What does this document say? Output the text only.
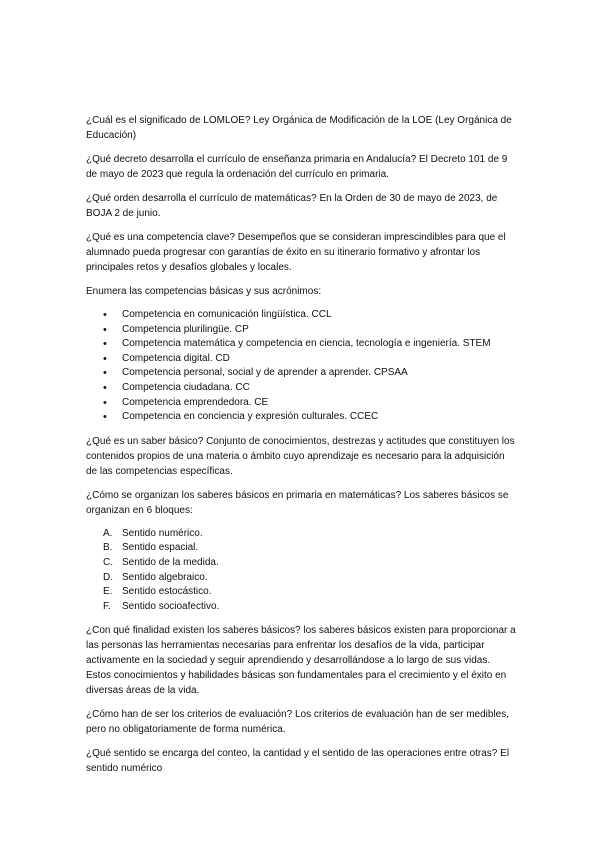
¿Cuál es el significado de LOMLOE? Ley Orgánica de Modificación de la LOE (Ley Orgánica de Educación)

¿Qué decreto desarrolla el currículo de enseñanza primaria en Andalucía? El Decreto 101 de 9 de mayo de 2023 que regula la ordenación del currículo en primaria.

¿Qué orden desarrolla el currículo de matemáticas? En la Orden de 30 de mayo de 2023, de BOJA 2 de junio.

¿Qué es una competencia clave? Desempeños que se consideran imprescindibles para que el alumnado pueda progresar con garantías de éxito en su itinerario formativo y afrontar los principales retos y desafíos globales y locales.

Enumera las competencias básicas y sus acrónimos:

• Competencia en comunicación lingüística. CCL
• Competencia plurilingüe. CP
• Competencia matemática y competencia en ciencia, tecnología e ingeniería. STEM
• Competencia digital. CD
• Competencia personal, social y de aprender a aprender. CPSAA
• Competencia ciudadana. CC
• Competencia emprendedora. CE
• Competencia en conciencia y expresión culturales. CCEC

¿Qué es un saber básico? Conjunto de conocimientos, destrezas y actitudes que constituyen los contenidos propios de una materia o ámbito cuyo aprendizaje es necesario para la adquisición de las competencias específicas.

¿Cómo se organizan los saberes básicos en primaria en matemáticas? Los saberes básicos se organizan en 6 bloques:

A. Sentido numérico.
B. Sentido espacial.
C. Sentido de la medida.
D. Sentido algebraico.
E. Sentido estocástico.
F. Sentido socioafectivo.

¿Con qué finalidad existen los saberes básicos? los saberes básicos existen para proporcionar a las personas las herramientas necesarias para enfrentar los desafíos de la vida, participar activamente en la sociedad y seguir aprendiendo y desarrollándose a lo largo de sus vidas. Estos conocimientos y habilidades básicas son fundamentales para el crecimiento y el éxito en diversas áreas de la vida.

¿Cómo han de ser los criterios de evaluación? Los criterios de evaluación han de ser medibles, pero no obligatoriamente de forma numérica.

¿Qué sentido se encarga del conteo, la cantidad y el sentido de las operaciones entre otras? El sentido numérico
